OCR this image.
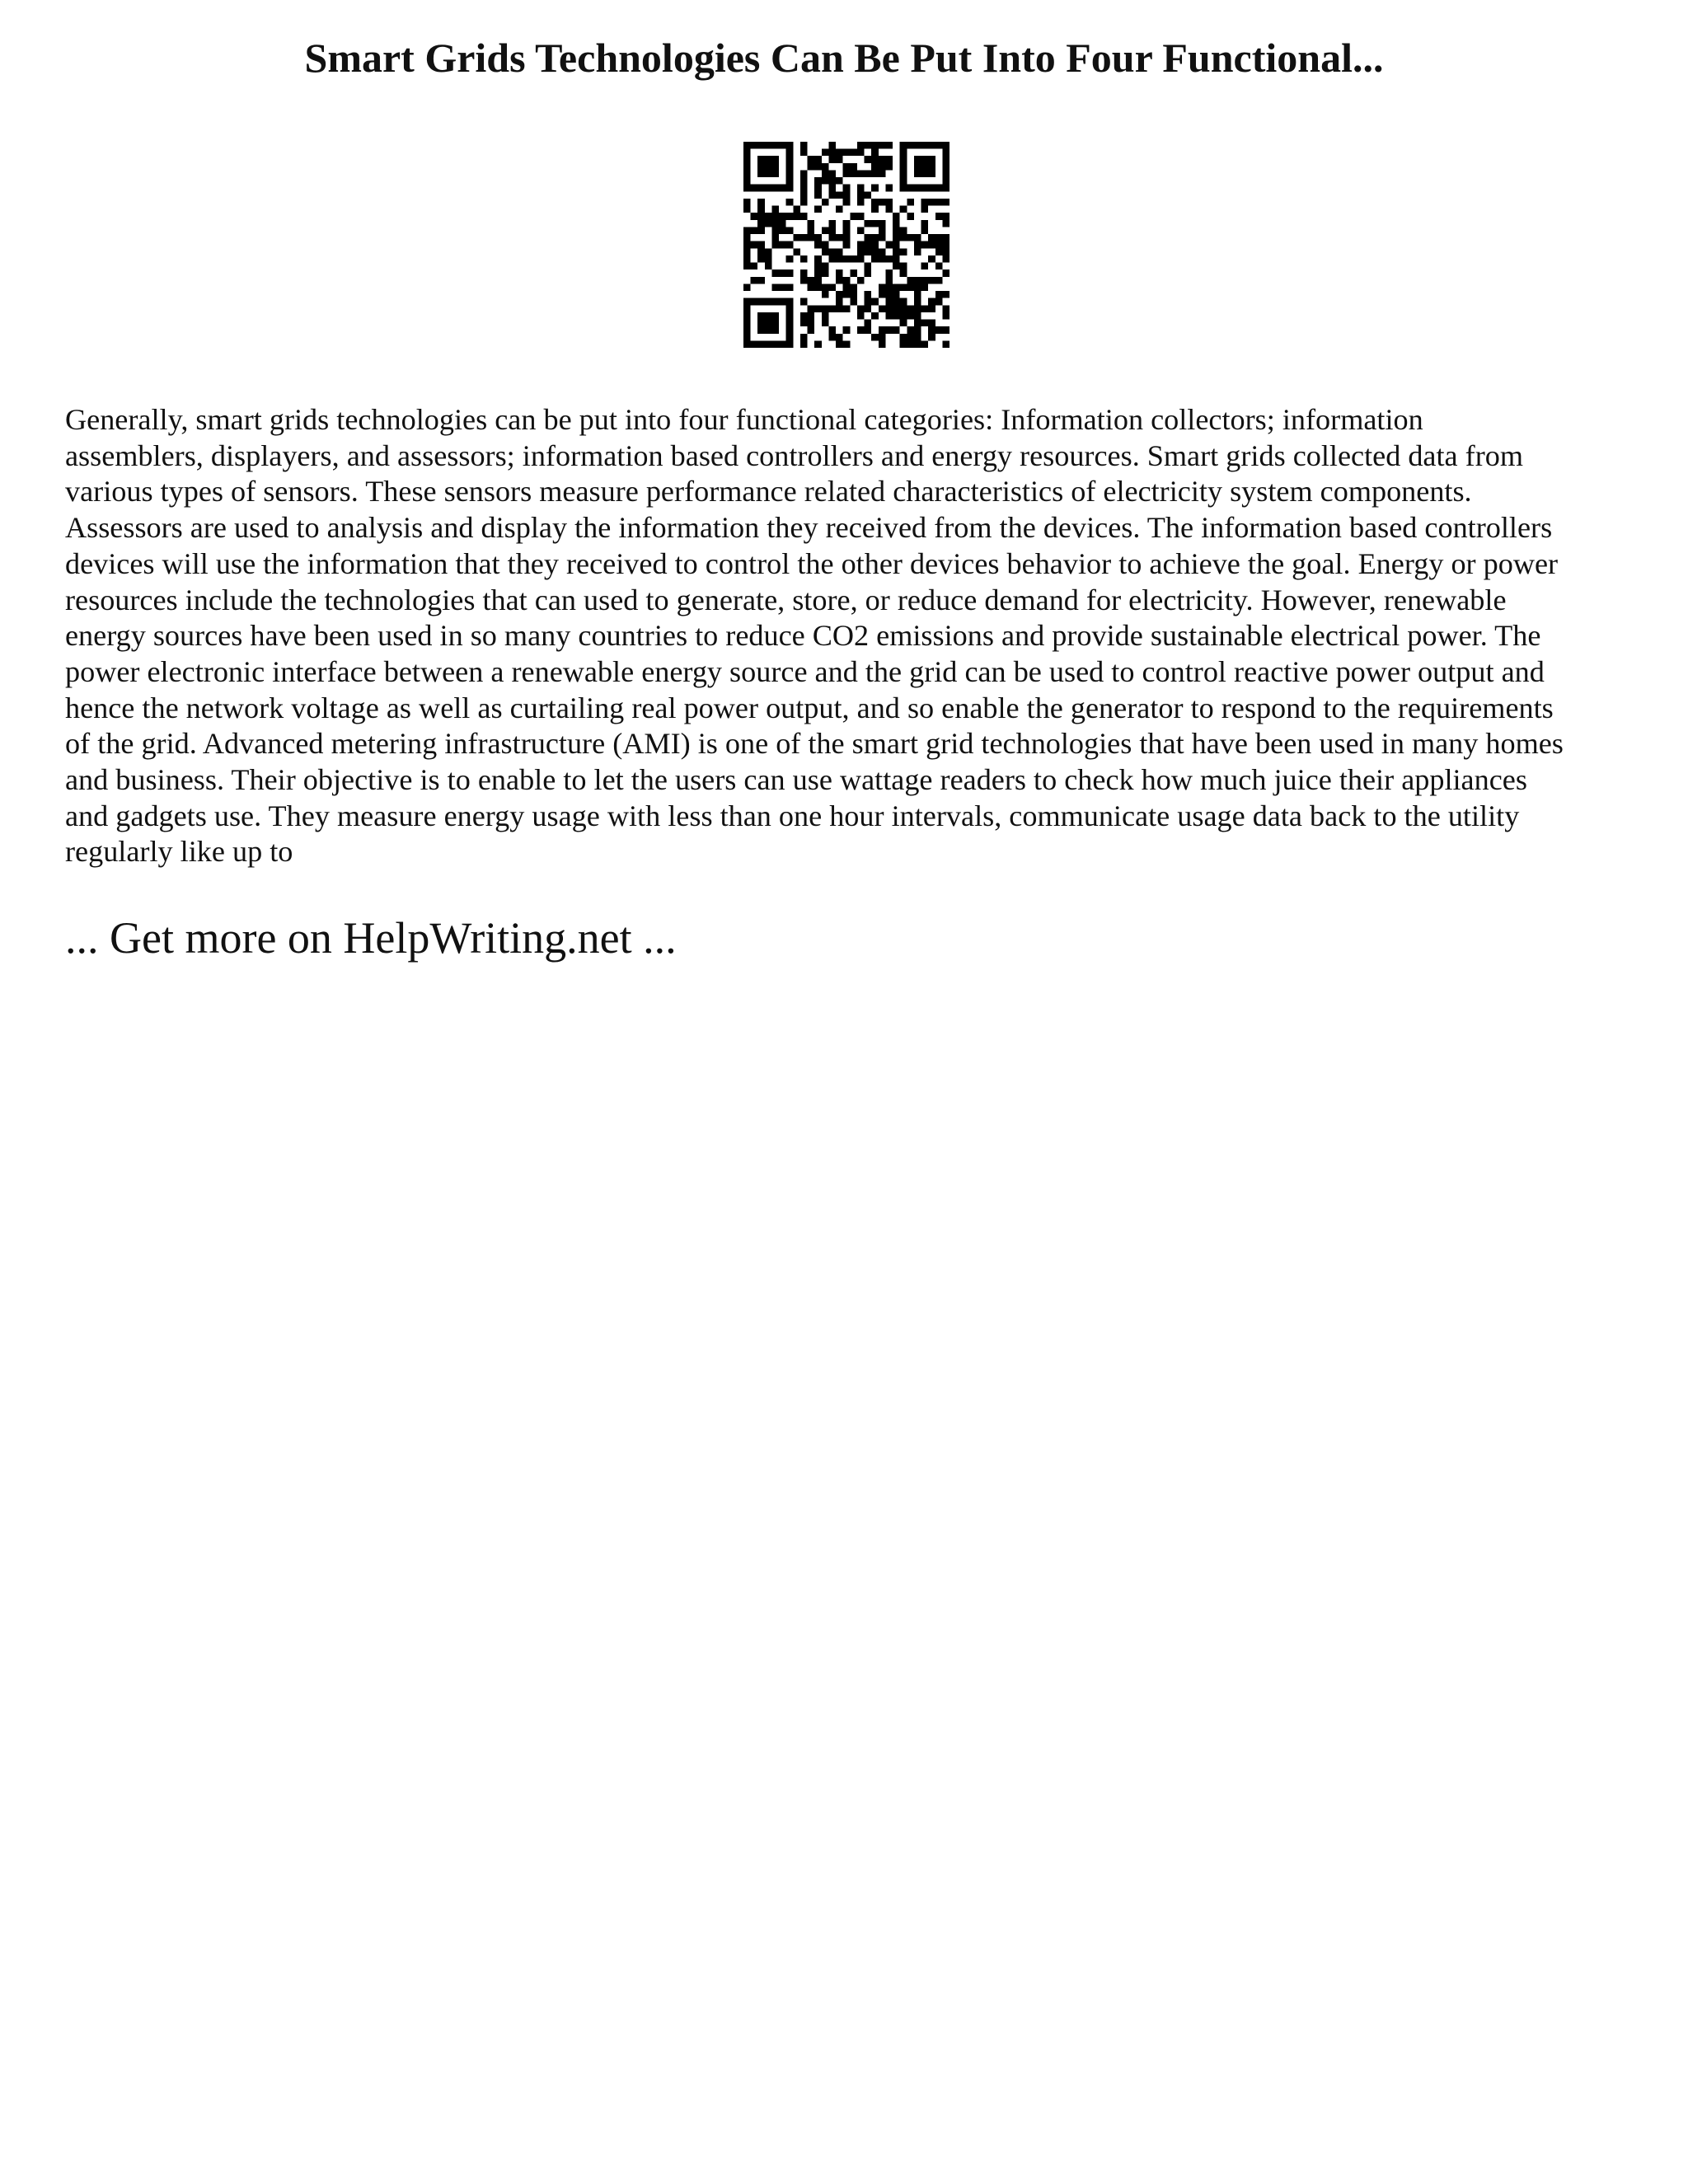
Smart Grids Technologies Can Be Put Into Four Functional...

Generally, smart grids technologies can be put into four functional categories: Information collectors; information
assemblers, displayers, and assessors; information based controllers and energy resources. Smart grids collected data from
various types of sensors. These sensors measure performance related characteristics of electricity system components.
Assessors are used to analysis and display the information they received from the devices. The information based controllers
devices will use the information that they received to control the other devices behavior to achieve the goal. Energy or power
resources include the technologies that can used to generate, store, or reduce demand for electricity. However, renewable
energy sources have been used in so many countries to reduce CO2 emissions and provide sustainable electrical power. The
power electronic interface between a renewable energy source and the grid can be used to control reactive power output and
hence the network voltage as well as curtailing real power output, and so enable the generator to respond to the requirements
of the grid. Advanced metering infrastructure (AMI) is one of the smart grid technologies that have been used in many homes
and business. Their objective is to enable to let the users can use wattage readers to check how much juice their appliances
and gadgets use. They measure energy usage with less than one hour intervals, communicate usage data back to the utility
regularly like up to

... Get more on HelpWriting.net ...
